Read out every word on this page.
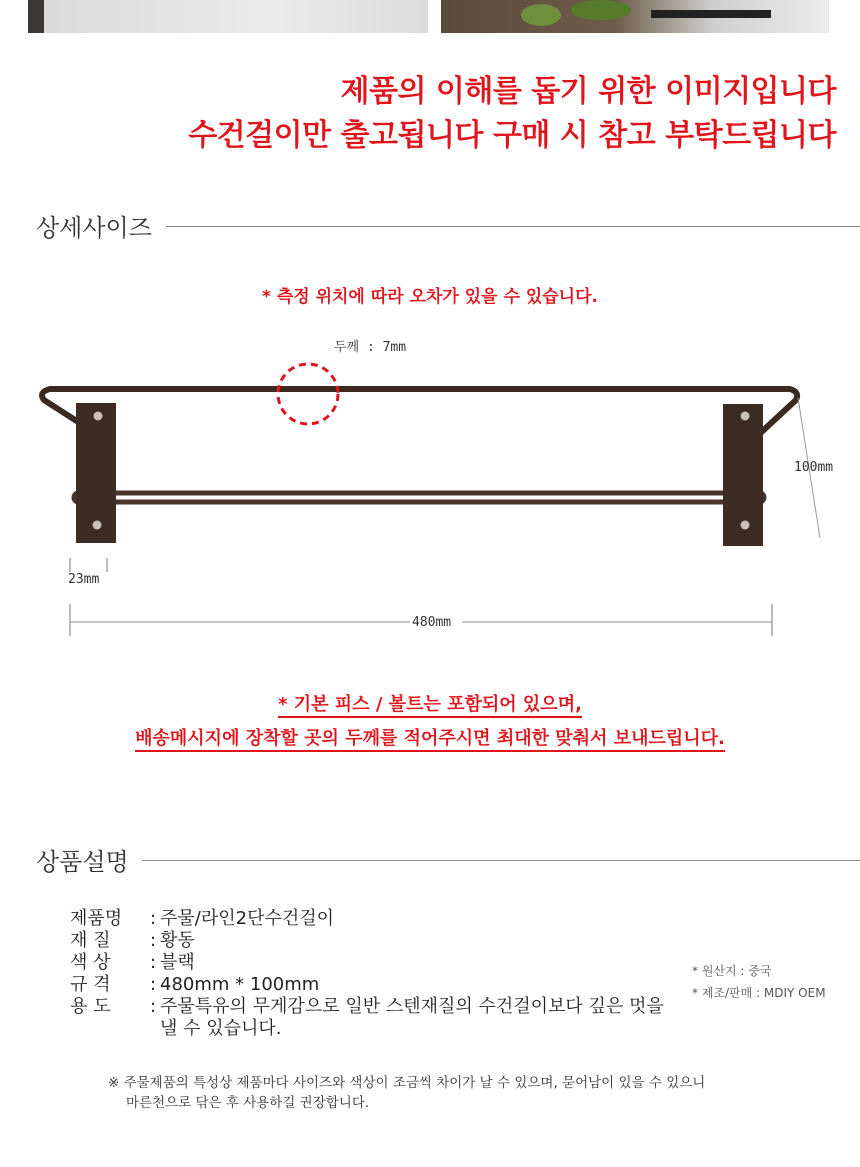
제품의 이해를 돕기 위한 이미지입니다
수건걸이만 출고됩니다 구매 시 참고 부탁드립니다
상세사이즈
* 측정 위치에 따라 오차가 있을 수 있습니다.
두께 : 7mm
100mm
23mm
480mm
* 기본 피스 / 볼트는 포함되어 있으며,
배송메시지에 장착할 곳의 두께를 적어주시면 최대한 맞춰서 보내드립니다.
상품설명
제품명	: 주물/라인2단수건걸이
재 질	: 황동
색 상	: 블랙
규 격	: 480mm * 100mm
용 도	: 주물특유의 무게감으로 일반 스텐재질의 수건걸이보다 깊은 멋을
낼 수 있습니다.
* 원산지 : 중국
* 제조/판매 : MDIY OEM
※ 주물제품의 특성상 제품마다 사이즈와 색상이 조금씩 차이가 날 수 있으며, 묻어남이 있을 수 있으니
마른천으로 닦은 후 사용하길 권장합니다.
